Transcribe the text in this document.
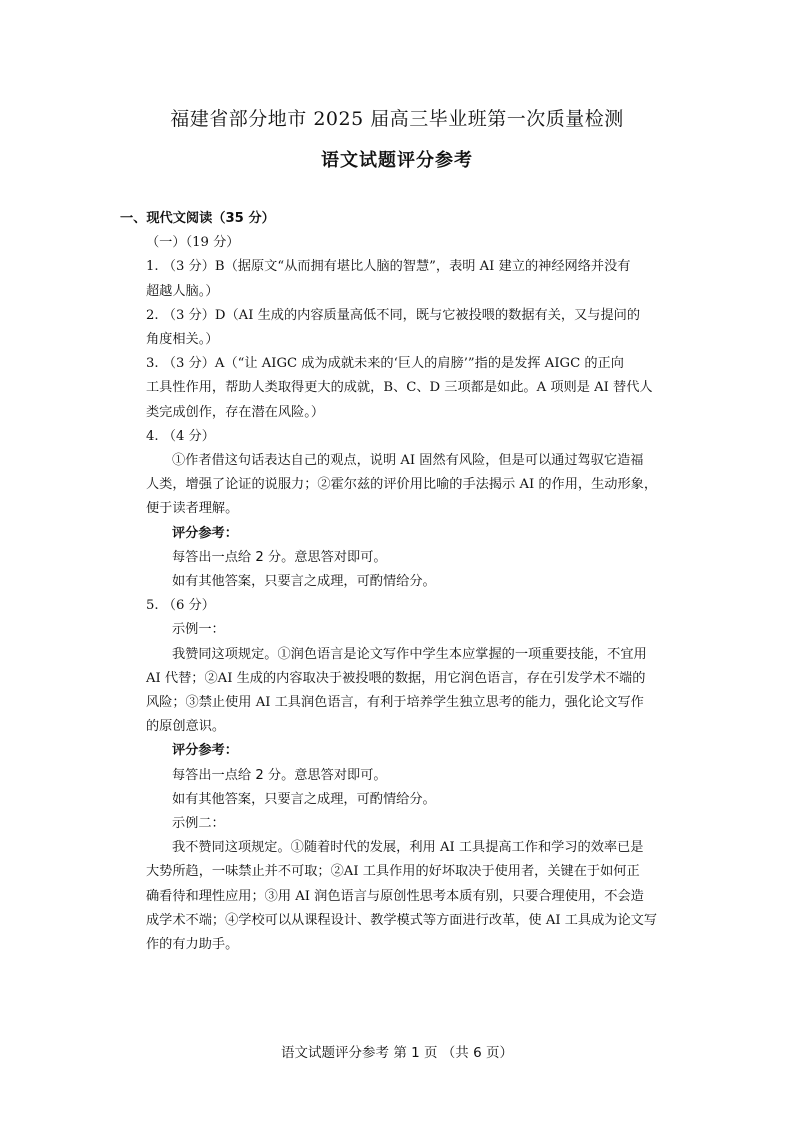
福建省部分地市 2025 届高三毕业班第一次质量检测
语文试题评分参考

一、现代文阅读（35 分）

（一）（19 分）

1. （3 分）B（据原文“从而拥有堪比人脑的智慧”，表明 AI 建立的神经网络并没有

超越人脑。）

2. （3 分）D（AI 生成的内容质量高低不同，既与它被投喂的数据有关，又与提问的

角度相关。）

3. （3 分）A（“让 AIGC 成为成就未来的‘巨人的肩膀’”指的是发挥 AIGC 的正向

工具性作用，帮助人类取得更大的成就，B、C、D 三项都是如此。A 项则是 AI 替代人

类完成创作，存在潜在风险。）

4. （4 分）

①作者借这句话表达自己的观点，说明 AI 固然有风险，但是可以通过驾驭它造福

人类，增强了论证的说服力；②霍尔兹的评价用比喻的手法揭示 AI 的作用，生动形象，

便于读者理解。

评分参考：

每答出一点给 2 分。意思答对即可。

如有其他答案，只要言之成理，可酌情给分。

5. （6 分）

示例一：

我赞同这项规定。①润色语言是论文写作中学生本应掌握的一项重要技能，不宜用

AI 代替；②AI 生成的内容取决于被投喂的数据，用它润色语言，存在引发学术不端的

风险；③禁止使用 AI 工具润色语言，有利于培养学生独立思考的能力，强化论文写作

的原创意识。

评分参考：

每答出一点给 2 分。意思答对即可。

如有其他答案，只要言之成理，可酌情给分。

示例二：

我不赞同这项规定。①随着时代的发展，利用 AI 工具提高工作和学习的效率已是

大势所趋，一味禁止并不可取；②AI 工具作用的好坏取决于使用者，关键在于如何正

确看待和理性应用；③用 AI 润色语言与原创性思考本质有别，只要合理使用，不会造

成学术不端；④学校可以从课程设计、教学模式等方面进行改革，使 AI 工具成为论文写

作的有力助手。

语文试题评分参考 第 1 页 （共 6 页）
